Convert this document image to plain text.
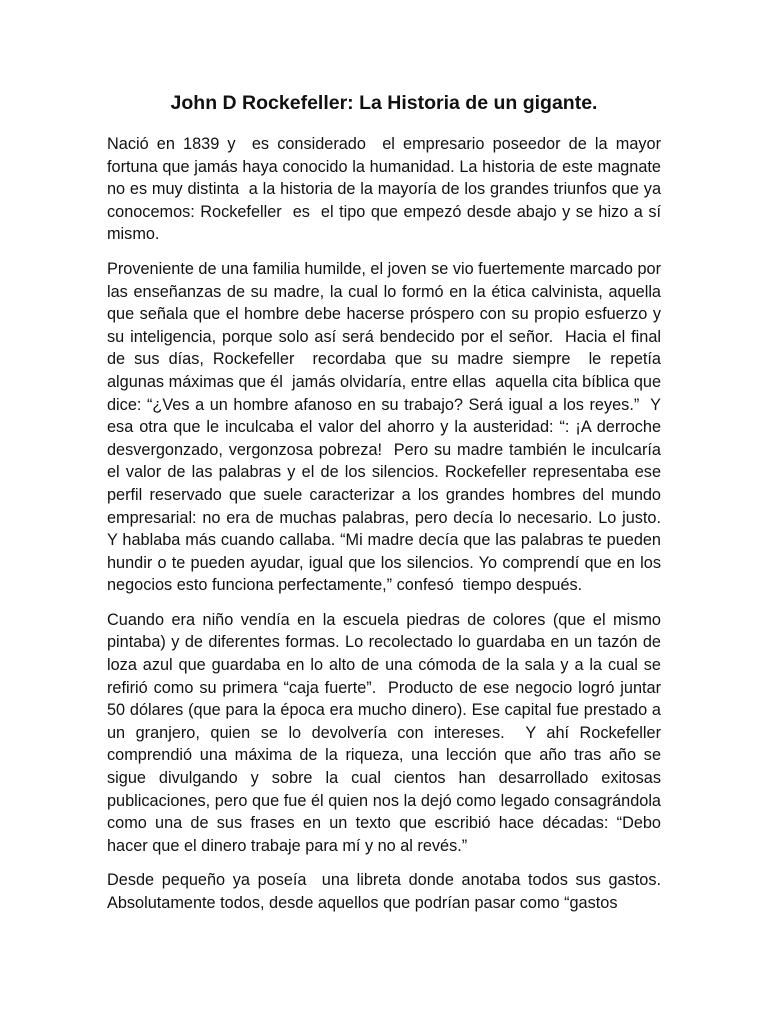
John D Rockefeller: La Historia de un gigante.

Nació en 1839 y  es considerado  el empresario poseedor de la mayor fortuna que jamás haya conocido la humanidad. La historia de este magnate no es muy distinta  a la historia de la mayoría de los grandes triunfos que ya conocemos: Rockefeller  es  el tipo que empezó desde abajo y se hizo a sí mismo.

Proveniente de una familia humilde, el joven se vio fuertemente marcado por las enseñanzas de su madre, la cual lo formó en la ética calvinista, aquella que señala que el hombre debe hacerse próspero con su propio esfuerzo y su inteligencia, porque solo así será bendecido por el señor.  Hacia el final de sus días, Rockefeller  recordaba que su madre siempre  le repetía algunas máximas que él  jamás olvidaría, entre ellas  aquella cita bíblica que dice: “¿Ves a un hombre afanoso en su trabajo? Será igual a los reyes.”  Y  esa otra que le inculcaba el valor del ahorro y la austeridad: “: ¡A derroche desvergonzado, vergonzosa pobreza!  Pero su madre también le inculcaría el valor de las palabras y el de los silencios. Rockefeller representaba ese perfil reservado que suele caracterizar a los grandes hombres del mundo empresarial: no era de muchas palabras, pero decía lo necesario. Lo justo. Y hablaba más cuando callaba. “Mi madre decía que las palabras te pueden hundir o te pueden ayudar, igual que los silencios. Yo comprendí que en los negocios esto funciona perfectamente,” confesó  tiempo después.

Cuando era niño vendía en la escuela piedras de colores (que el mismo pintaba) y de diferentes formas. Lo recolectado lo guardaba en un tazón de loza azul que guardaba en lo alto de una cómoda de la sala y a la cual se refirió como su primera “caja fuerte”.  Producto de ese negocio logró juntar  50 dólares (que para la época era mucho dinero). Ese capital fue prestado a un granjero, quien se lo devolvería con intereses.  Y ahí Rockefeller comprendió una máxima de la riqueza, una lección que año tras año se  sigue divulgando y sobre la cual cientos han desarrollado exitosas publicaciones, pero que fue él quien nos la dejó como legado consagrándola   como una de sus frases en un texto que escribió hace décadas: “Debo hacer que el dinero trabaje para mí y no al revés.”

Desde pequeño ya poseía  una libreta donde anotaba todos sus gastos. Absolutamente todos, desde aquellos que podrían pasar como “gastos
